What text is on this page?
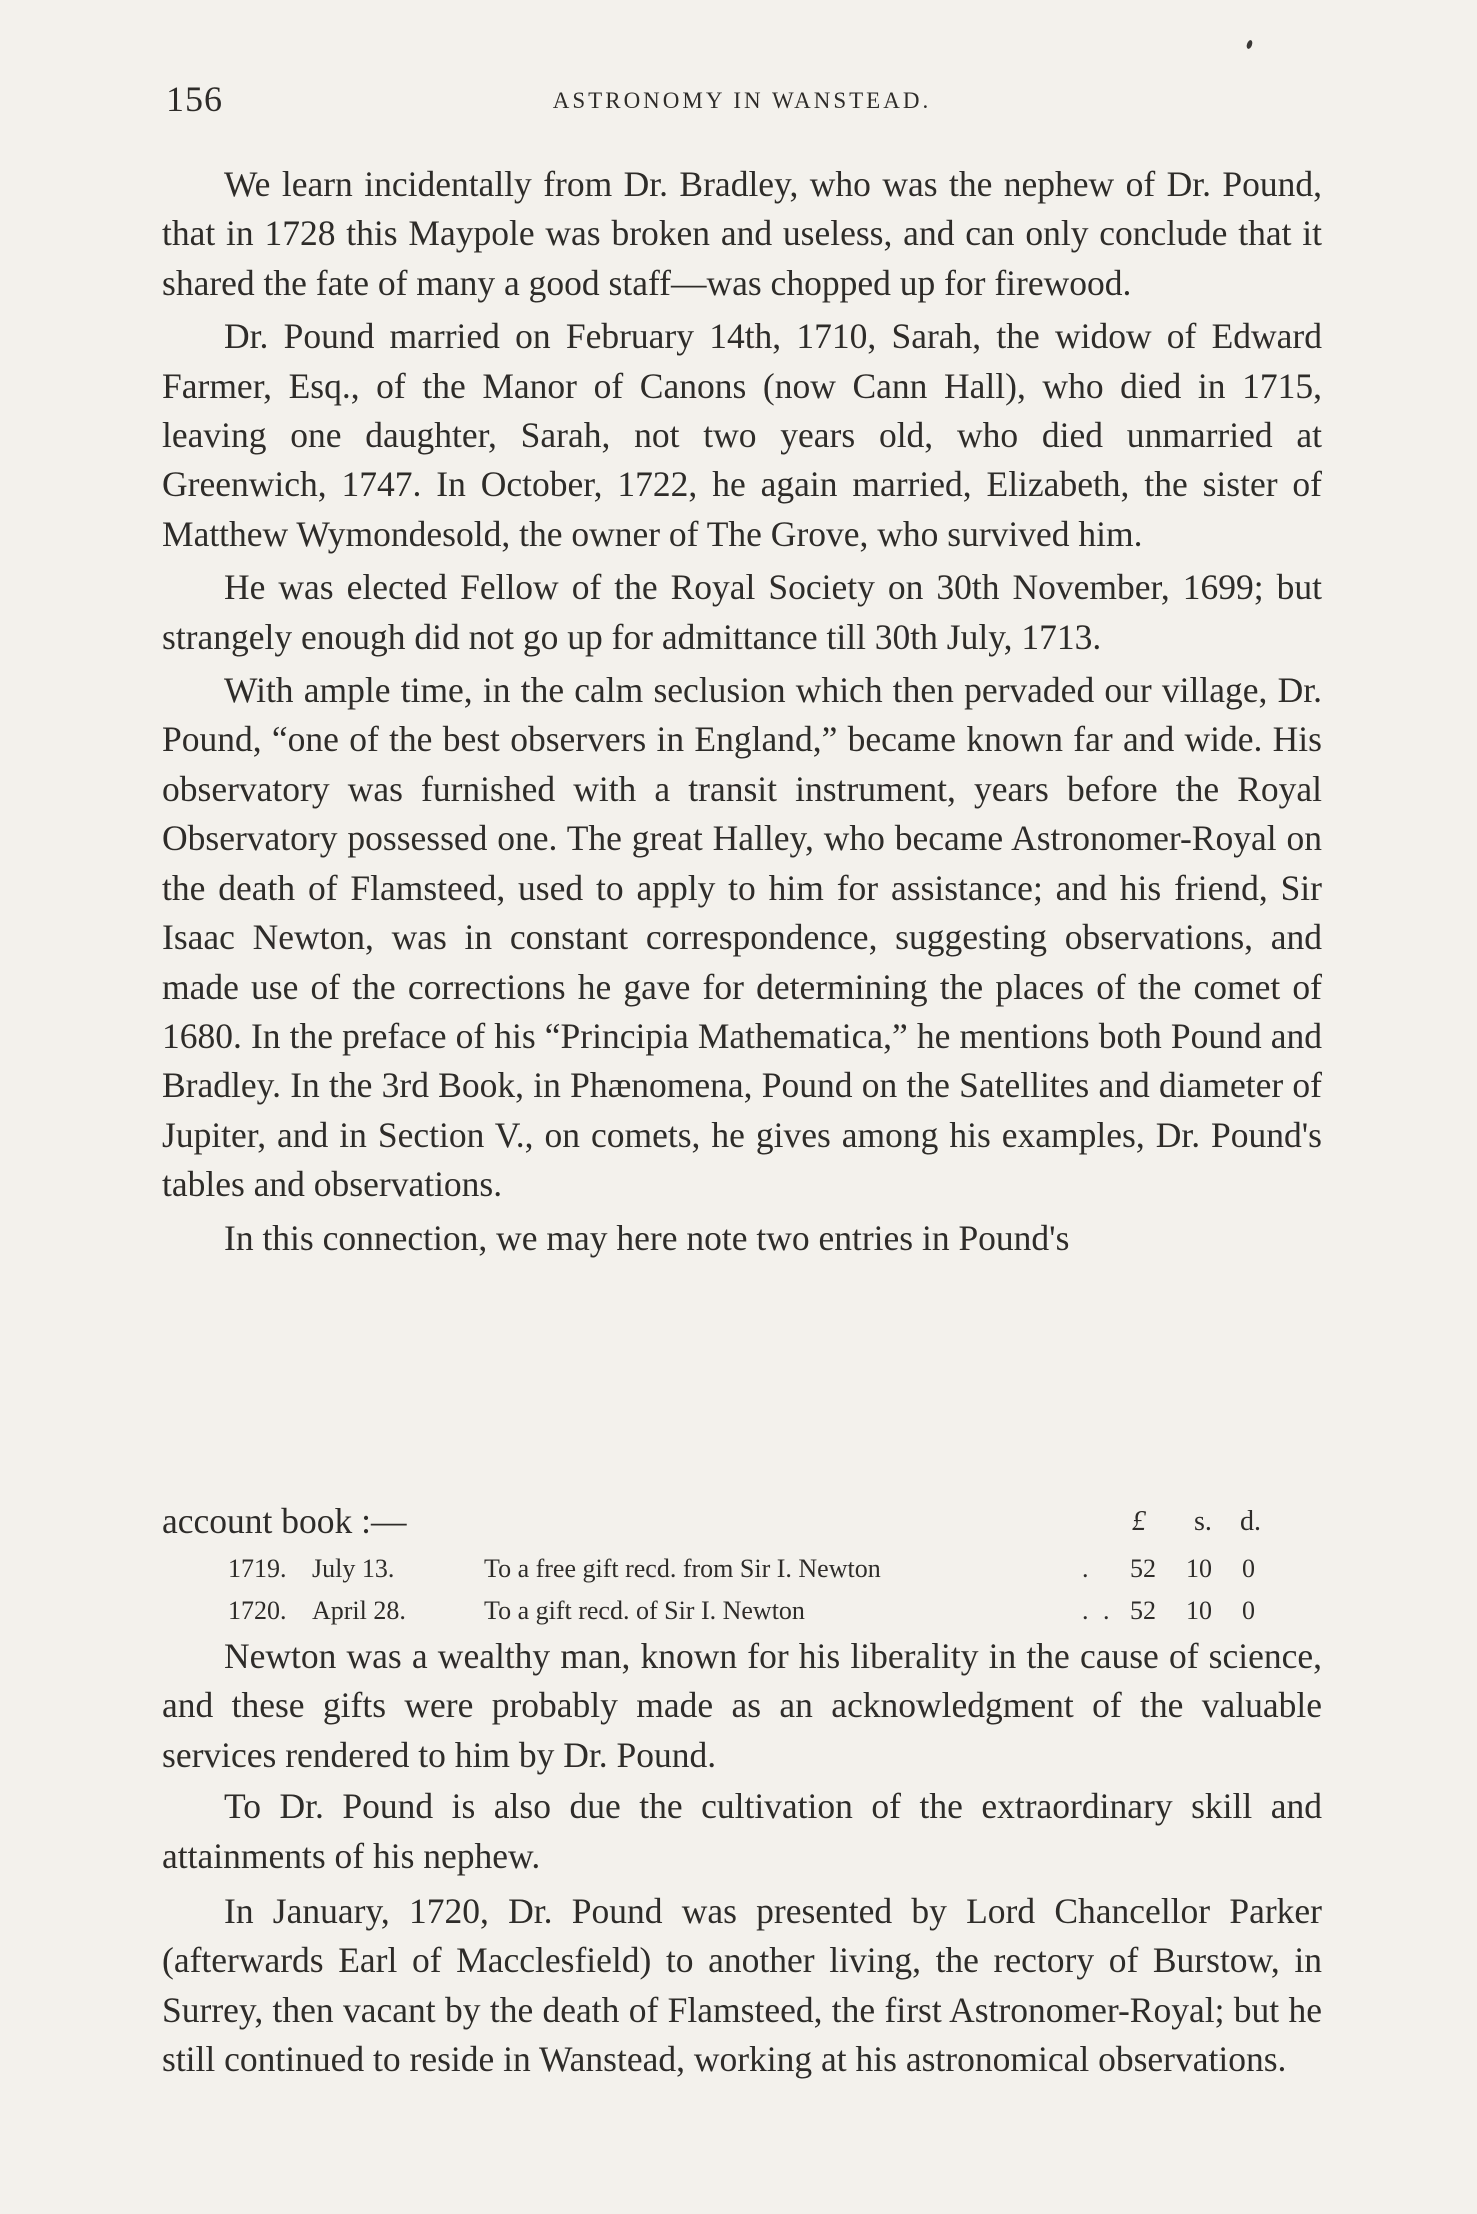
156	ASTRONOMY IN WANSTEAD.

We learn incidentally from Dr. Bradley, who was the nephew of Dr. Pound, that in 1728 this Maypole was broken and useless, and can only conclude that it shared the fate of many a good staff—was chopped up for firewood.

Dr. Pound married on February 14th, 1710, Sarah, the widow of Edward Farmer, Esq., of the Manor of Canons (now Cann Hall), who died in 1715, leaving one daughter, Sarah, not two years old, who died unmarried at Greenwich, 1747. In October, 1722, he again married, Elizabeth, the sister of Matthew Wymondesold, the owner of The Grove, who survived him.

He was elected Fellow of the Royal Society on 30th November, 1699; but strangely enough did not go up for admittance till 30th July, 1713.

With ample time, in the calm seclusion which then pervaded our village, Dr. Pound, “one of the best observers in England,” became known far and wide. His observatory was furnished with a transit instrument, years before the Royal Observatory possessed one. The great Halley, who became Astronomer-Royal on the death of Flamsteed, used to apply to him for assistance; and his friend, Sir Isaac Newton, was in constant correspondence, suggesting observations, and made use of the corrections he gave for determining the places of the comet of 1680. In the preface of his “Principia Mathematica,” he mentions both Pound and Bradley. In the 3rd Book, in Phænomena, Pound on the Satellites and diameter of Jupiter, and in Section V., on comets, he gives among his examples, Dr. Pound's tables and observations.

In this connection, we may here note two entries in Pound's

account book :—	£ s. d.
1719. July 13.	To a free gift recd. from Sir I. Newton	. 52 10 0
1720. April 28.	To a gift recd. of Sir I. Newton	. . 52 10 0

Newton was a wealthy man, known for his liberality in the cause of science, and these gifts were probably made as an acknowledgment of the valuable services rendered to him by Dr. Pound.

To Dr. Pound is also due the cultivation of the extraordinary skill and attainments of his nephew.

In January, 1720, Dr. Pound was presented by Lord Chancellor Parker (afterwards Earl of Macclesfield) to another living, the rectory of Burstow, in Surrey, then vacant by the death of Flamsteed, the first Astronomer-Royal; but he still continued to reside in Wanstead, working at his astronomical observations.
